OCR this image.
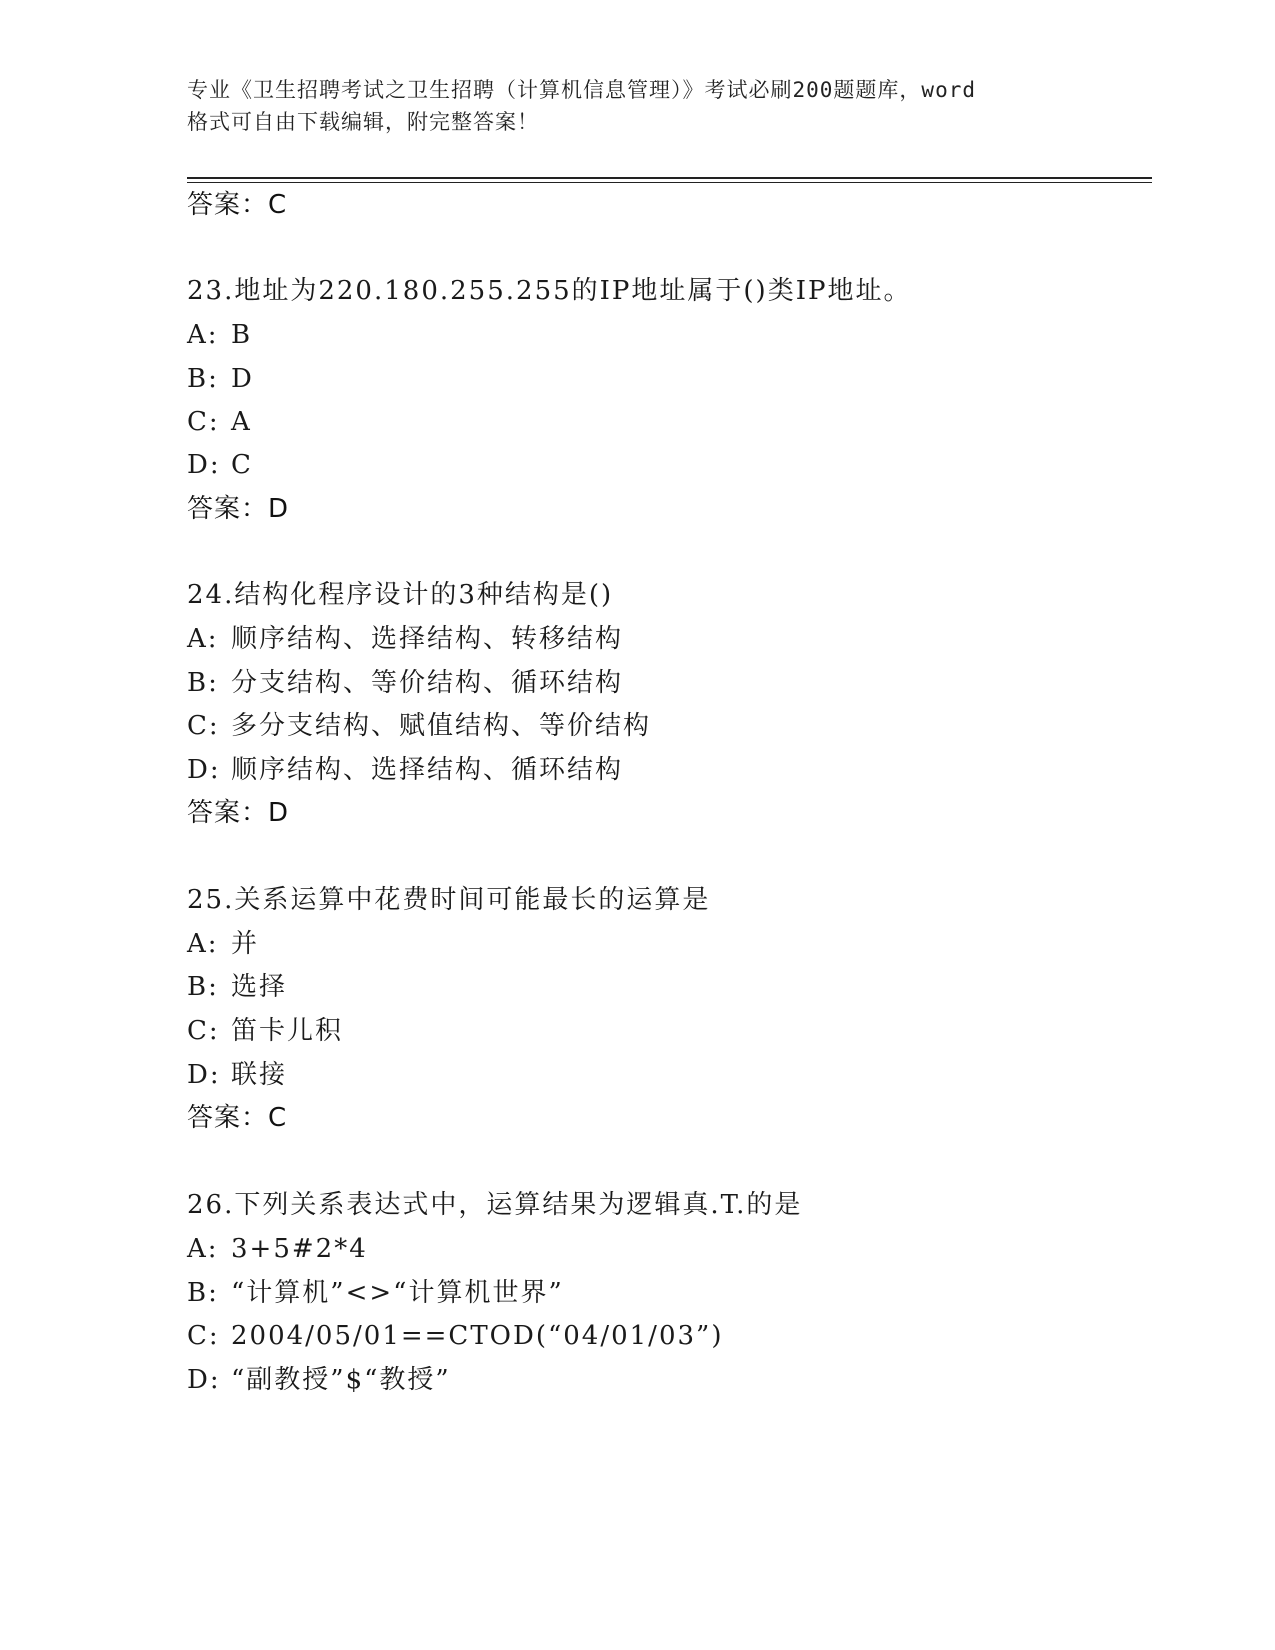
专业《卫生招聘考试之卫生招聘（计算机信息管理）》考试必刷200题题库，word
格式可自由下载编辑，附完整答案！
答案：C
23.地址为220.180.255.255的IP地址属于()类IP地址。
A: B
B: D
C: A
D: C
答案：D
24.结构化程序设计的3种结构是()
A: 顺序结构、选择结构、转移结构
B: 分支结构、等价结构、循环结构
C: 多分支结构、赋值结构、等价结构
D: 顺序结构、选择结构、循环结构
答案：D
25.关系运算中花费时间可能最长的运算是
A: 并
B: 选择
C: 笛卡儿积
D: 联接
答案：C
26.下列关系表达式中，运算结果为逻辑真.T.的是
A: 3+5#2*4
B: “计算机”<>“计算机世界”
C: 2004/05/01==CTOD(“04/01/03”)
D: “副教授”$“教授”
